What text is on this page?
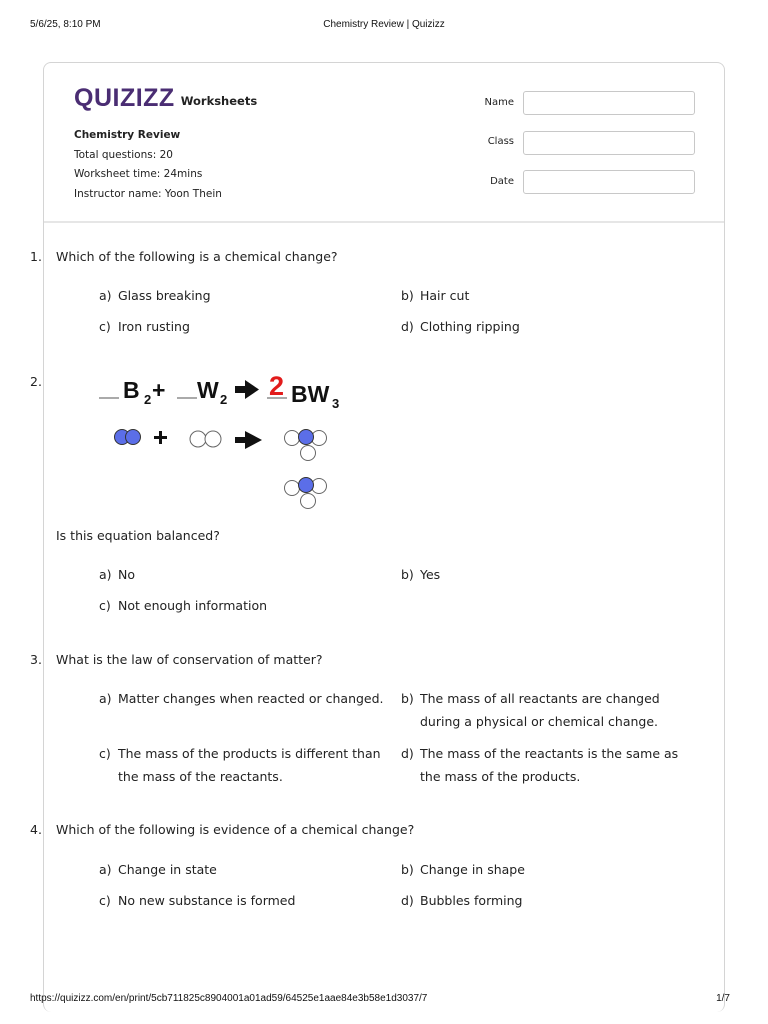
5/6/25, 8:10 PM	Chemistry Review | Quizizz
QUIZIZZ Worksheets
Chemistry Review
Total questions: 20
Worksheet time: 24mins
Instructor name: Yoon Thein
Name
Class
Date
1. Which of the following is a chemical change?
a) Glass breaking	b) Hair cut
c) Iron rusting	d) Clothing ripping
2.	B 2 + W 2 2 BW 3
Is this equation balanced?
a) No	b) Yes
c) Not enough information
3. What is the law of conservation of matter?
a) Matter changes when reacted or changed.	b) The mass of all reactants are changed during a physical or chemical change.
c) The mass of the products is different than the mass of the reactants.
d) The mass of the reactants is the same as the mass of the products.
4. Which of the following is evidence of a chemical change?
a) Change in state	b) Change in shape
c) No new substance is formed	d) Bubbles forming
https://quizizz.com/en/print/5cb711825c8904001a01ad59/64525e1aae84e3b58e1d3037/7	1/7
